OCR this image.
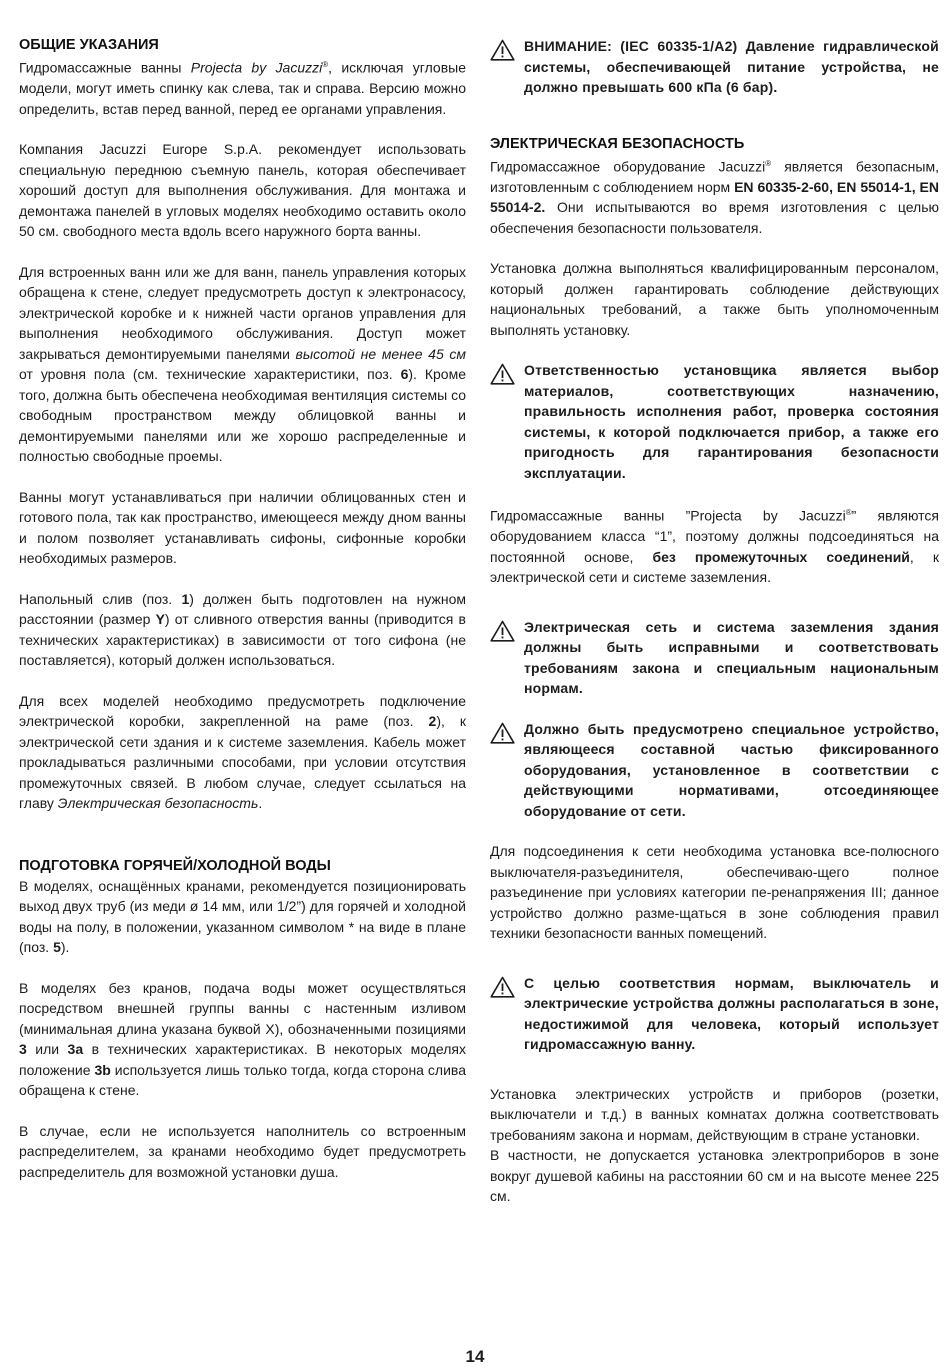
ОБЩИЕ УКАЗАНИЯ

Гидромассажные ванны Projecta by Jacuzzi®, исключая угловые модели, могут иметь спинку как слева, так и справа. Версию можно определить, встав перед ванной, перед ее органами управления.

Компания Jacuzzi Europe S.p.A. рекомендует использовать специальную переднюю съемную панель, которая обеспечивает хороший доступ для выполнения обслуживания. Для монтажа и демонтажа панелей в угловых моделях необходимо оставить около 50 см. свободного места вдоль всего наружного борта ванны.

Для встроенных ванн или же для ванн, панель управления которых обращена к стене, следует предусмотреть доступ к электронасосу, электрической коробке и к нижней части органов управления для выполнения необходимого обслуживания. Доступ может закрываться демонтируемыми панелями высотой не менее 45 см от уровня пола (см. технические характеристики, поз. 6). Кроме того, должна быть обеспечена необходимая вентиляция системы со свободным пространством между облицовкой ванны и демонтируемыми панелями или же хорошо распределенные и полностью свободные проемы.

Ванны могут устанавливаться при наличии облицованных стен и готового пола, так как пространство, имеющееся между дном ванны и полом позволяет устанавливать сифоны, сифонные коробки необходимых размеров.

Напольный слив (поз. 1) должен быть подготовлен на нужном расстоянии (размер Y) от сливного отверстия ванны (приводится в технических характеристиках) в зависимости от того сифона (не поставляется), который должен использоваться.

Для всех моделей необходимо предусмотреть подключение электрической коробки, закрепленной на раме (поз. 2), к электрической сети здания и к системе заземления. Кабель может прокладываться различными способами, при условии отсутствия промежуточных связей. В любом случае, следует ссылаться на главу Электрическая безопасность.

ПОДГОТОВКА ГОРЯЧЕЙ/ХОЛОДНОЙ ВОДЫ

В моделях, оснащённых кранами, рекомендуется позиционировать выход двух труб (из меди ø 14 мм, или 1/2”) для горячей и холодной воды на полу, в положении, указанном символом * на виде в плане (поз. 5).

В моделях без кранов, подача воды может осуществляться посредством внешней группы ванны с настенным изливом (минимальная длина указана буквой X), обозначенными позициями 3 или 3a в технических характеристиках. В некоторых моделях положение 3b используется лишь только тогда, когда сторона слива обращена к стене.

В случае, если не используется наполнитель со встроенным распределителем, за кранами необходимо будет предусмотреть распределитель для возможной установки душа.

ВНИМАНИЕ: (IEC 60335-1/A2) Давление гидравлической системы, обеспечивающей питание устройства, не должно превышать 600 кПа (6 бар).

ЭЛЕКТРИЧЕСКАЯ БЕЗОПАСНОСТЬ

Гидромассажное оборудование Jacuzzi® является безопасным, изготовленным с соблюдением норм EN 60335-2-60, EN 55014-1, EN 55014-2. Они испытываются во время изготовления с целью обеспечения безопасности пользователя.

Установка должна выполняться квалифицированным персоналом, который должен гарантировать соблюдение действующих национальных требований, а также быть уполномоченным выполнять установку.

Ответственностью установщика является выбор материалов, соответствующих назначению, правильность исполнения работ, проверка состояния системы, к которой подключается прибор, а также его пригодность для гарантирования безопасности эксплуатации.

Гидромассажные ванны ”Projecta by Jacuzzi®” являются оборудованием класса “1”, поэтому должны подсоединяться на постоянной основе, без промежуточных соединений, к электрической сети и системе заземления.

Электрическая сеть и система заземления здания должны быть исправными и соответствовать требованиям закона и специальным национальным нормам.

Должно быть предусмотрено специальное устройство, являющееся составной частью фиксированного оборудования, установленное в соответствии с действующими нормативами, отсоединяющее оборудование от сети.

Для подсоединения к сети необходима установка все-полюсного выключателя-разъединителя, обеспечиваю-щего полное разъединение при условиях категории пе-ренапряжения III; данное устройство должно разме-щаться в зоне соблюдения правил техники безопасности ванных помещений.

С целью соответствия нормам, выключатель и электрические устройства должны располагаться в зоне, недостижимой для человека, который использует гидромассажную ванну.

Установка электрических устройств и приборов (розетки, выключатели и т.д.) в ванных комнатах должна соответствовать требованиям закона и нормам, действующим в стране установки.

В частности, не допускается установка электроприборов в зоне вокруг душевой кабины на расстоянии 60 см и на высоте менее 225 см.

14
